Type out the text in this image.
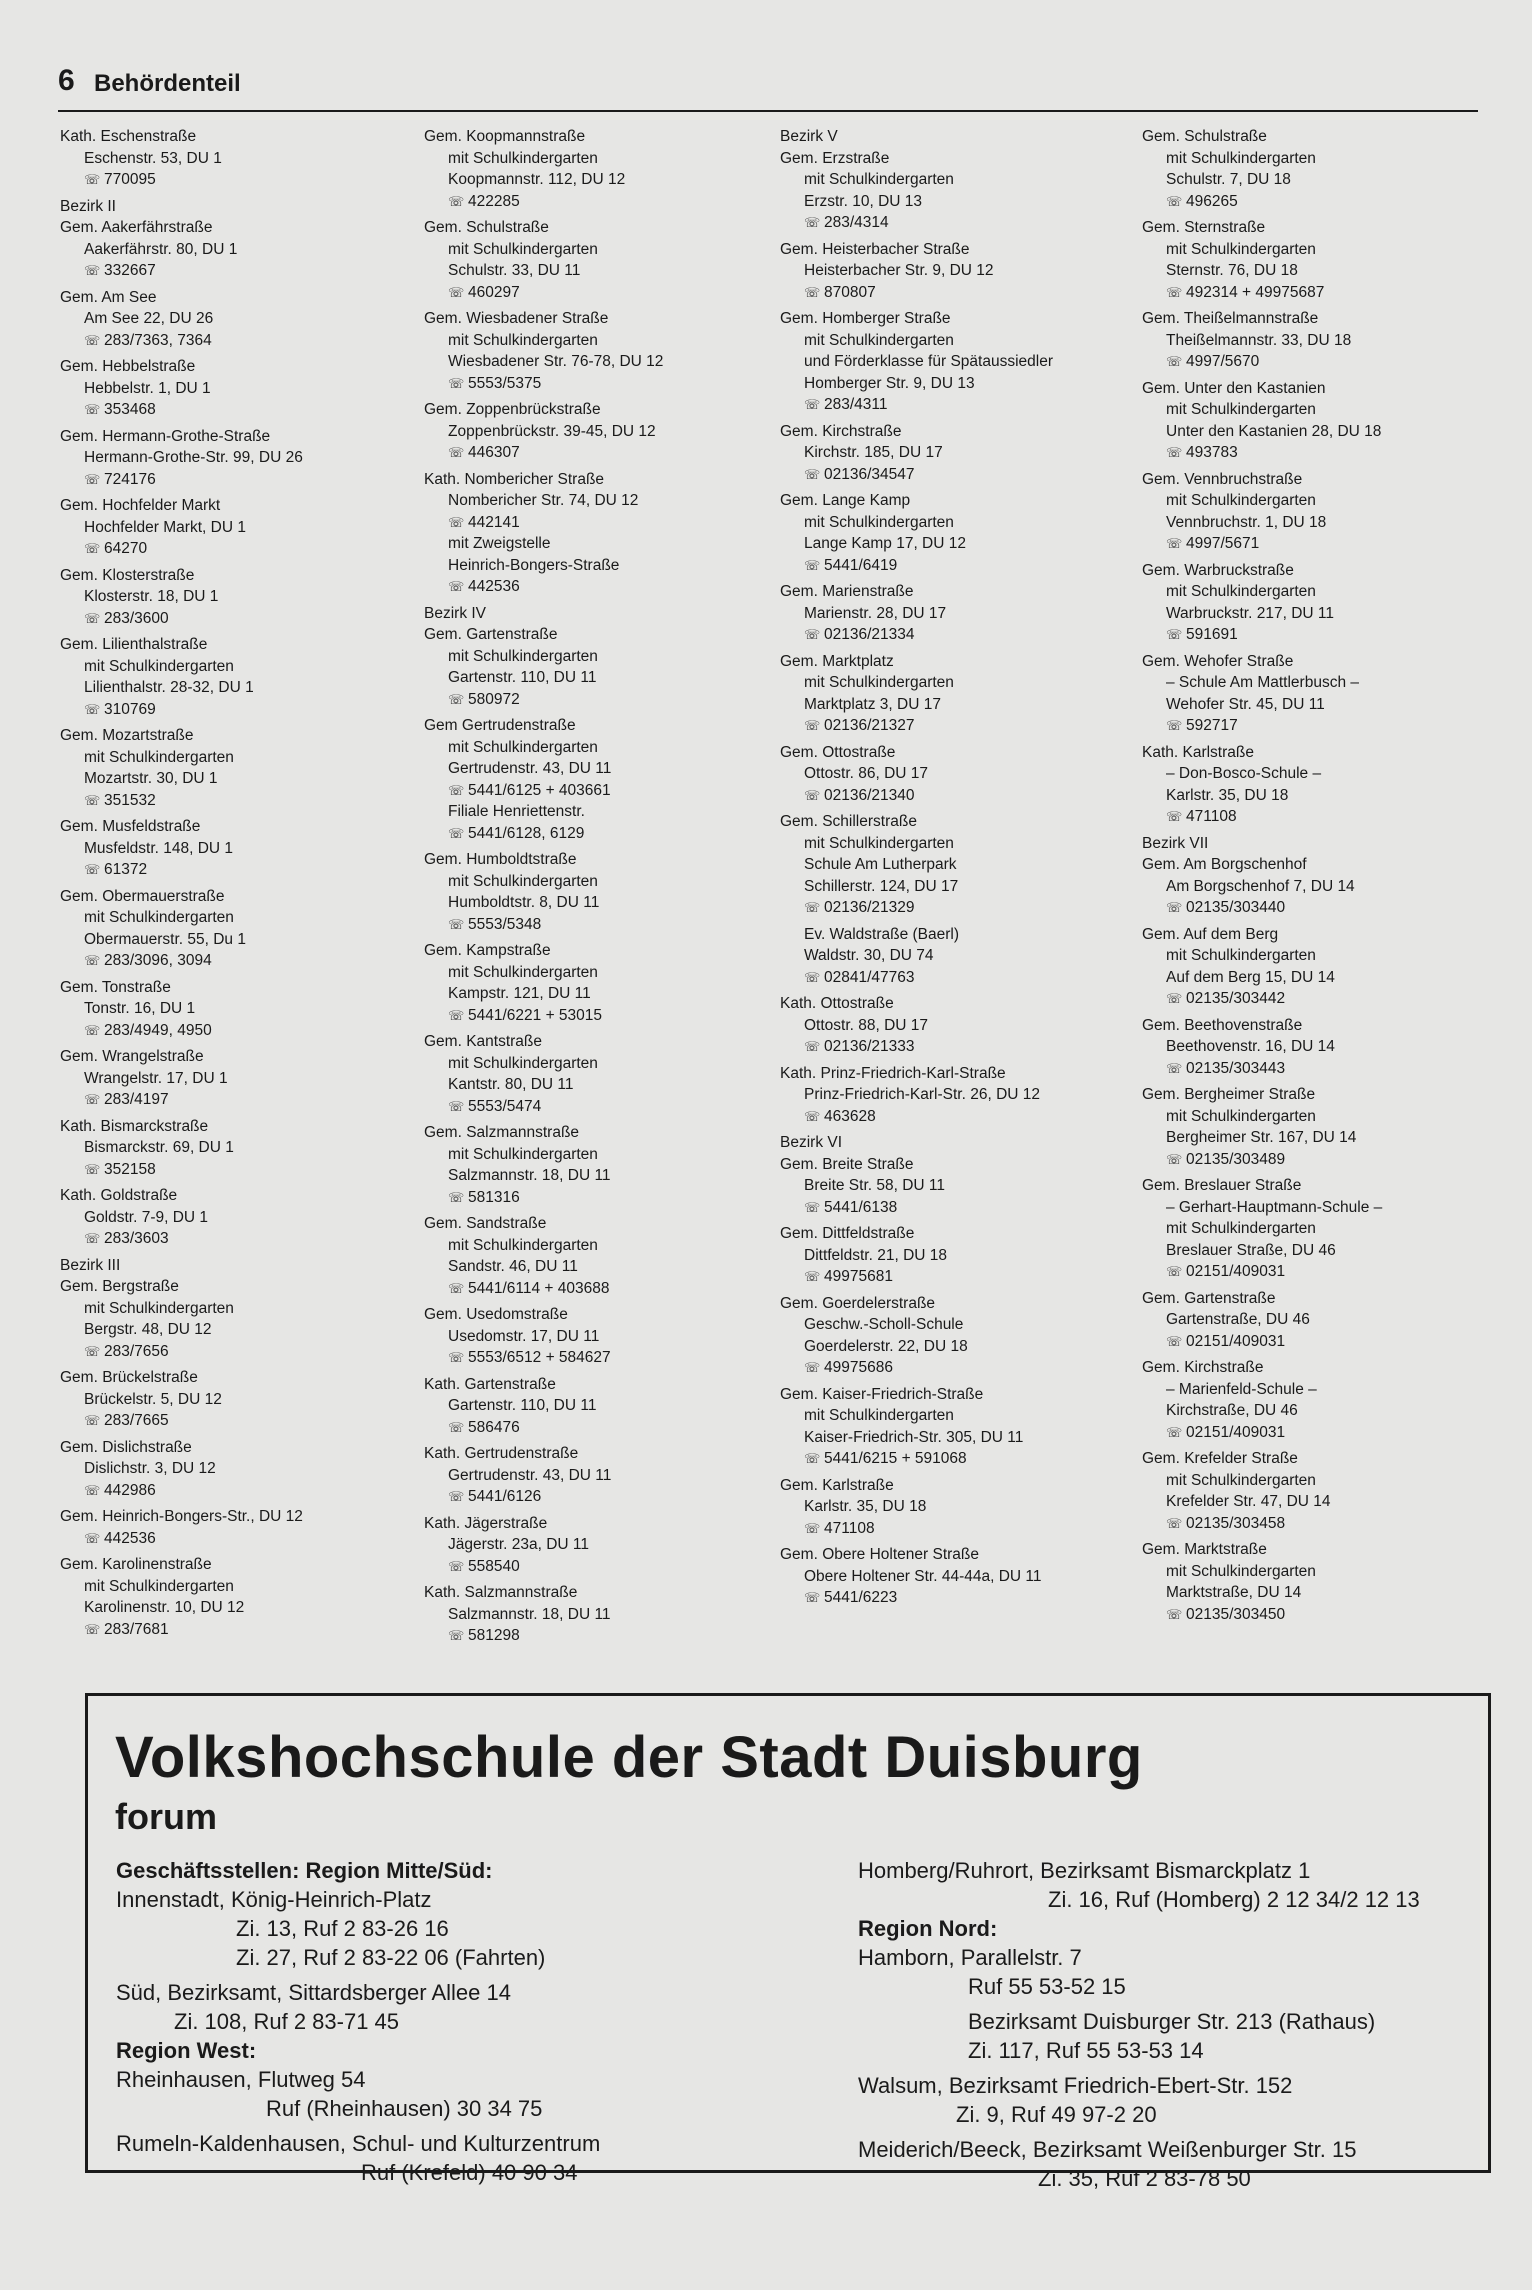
6 Behördenteil

Kath. Eschenstraße

Eschenstr. 53, DU 1

☏ 770095

Bezirk II

Gem. Aakerfährstraße

Aakerfährstr. 80, DU 1

☏ 332667

Gem. Am See

Am See 22, DU 26

☏ 283/7363, 7364

Gem. Hebbelstraße

Hebbelstr. 1, DU 1

☏ 353468

Gem. Hermann-Grothe-Straße

Hermann-Grothe-Str. 99, DU 26

☏ 724176

Gem. Hochfelder Markt

Hochfelder Markt, DU 1

☏ 64270

Gem. Klosterstraße

Klosterstr. 18, DU 1

☏ 283/3600

Gem. Lilienthalstraße

mit Schulkindergarten

Lilienthalstr. 28-32, DU 1

☏ 310769

Gem. Mozartstraße

mit Schulkindergarten

Mozartstr. 30, DU 1

☏ 351532

Gem. Musfeldstraße

Musfeldstr. 148, DU 1

☏ 61372

Gem. Obermauerstraße

mit Schulkindergarten

Obermauerstr. 55, Du 1

☏ 283/3096, 3094

Gem. Tonstraße

Tonstr. 16, DU 1

☏ 283/4949, 4950

Gem. Wrangelstraße

Wrangelstr. 17, DU 1

☏ 283/4197

Kath. Bismarckstraße

Bismarckstr. 69, DU 1

☏ 352158

Kath. Goldstraße

Goldstr. 7-9, DU 1

☏ 283/3603

Bezirk III

Gem. Bergstraße

mit Schulkindergarten

Bergstr. 48, DU 12

☏ 283/7656

Gem. Brückelstraße

Brückelstr. 5, DU 12

☏ 283/7665

Gem. Dislichstraße

Dislichstr. 3, DU 12

☏ 442986

Gem. Heinrich-Bongers-Str., DU 12

☏ 442536

Gem. Karolinenstraße

mit Schulkindergarten

Karolinenstr. 10, DU 12

☏ 283/7681

Gem. Koopmannstraße

mit Schulkindergarten

Koopmannstr. 112, DU 12

☏ 422285

Gem. Schulstraße

mit Schulkindergarten

Schulstr. 33, DU 11

☏ 460297

Gem. Wiesbadener Straße

mit Schulkindergarten

Wiesbadener Str. 76-78, DU 12

☏ 5553/5375

Gem. Zoppenbrückstraße

Zoppenbrückstr. 39-45, DU 12

☏ 446307

Kath. Nombericher Straße

Nombericher Str. 74, DU 12

☏ 442141

mit Zweigstelle

Heinrich-Bongers-Straße

☏ 442536

Bezirk IV

Gem. Gartenstraße

mit Schulkindergarten

Gartenstr. 110, DU 11

☏ 580972

Gem Gertrudenstraße

mit Schulkindergarten

Gertrudenstr. 43, DU 11

☏ 5441/6125 + 403661

Filiale Henriettenstr.

☏ 5441/6128, 6129

Gem. Humboldtstraße

mit Schulkindergarten

Humboldtstr. 8, DU 11

☏ 5553/5348

Gem. Kampstraße

mit Schulkindergarten

Kampstr. 121, DU 11

☏ 5441/6221 + 53015

Gem. Kantstraße

mit Schulkindergarten

Kantstr. 80, DU 11

☏ 5553/5474

Gem. Salzmannstraße

mit Schulkindergarten

Salzmannstr. 18, DU 11

☏ 581316

Gem. Sandstraße

mit Schulkindergarten

Sandstr. 46, DU 11

☏ 5441/6114 + 403688

Gem. Usedomstraße

Usedomstr. 17, DU 11

☏ 5553/6512 + 584627

Kath. Gartenstraße

Gartenstr. 110, DU 11

☏ 586476

Kath. Gertrudenstraße

Gertrudenstr. 43, DU 11

☏ 5441/6126

Kath. Jägerstraße

Jägerstr. 23a, DU 11

☏ 558540

Kath. Salzmannstraße

Salzmannstr. 18, DU 11

☏ 581298

Bezirk V

Gem. Erzstraße

mit Schulkindergarten

Erzstr. 10, DU 13

☏ 283/4314

Gem. Heisterbacher Straße

Heisterbacher Str. 9, DU 12

☏ 870807

Gem. Homberger Straße

mit Schulkindergarten

und Förderklasse für Spätaussiedler

Homberger Str. 9, DU 13

☏ 283/4311

Gem. Kirchstraße

Kirchstr. 185, DU 17

☏ 02136/34547

Gem. Lange Kamp

mit Schulkindergarten

Lange Kamp 17, DU 12

☏ 5441/6419

Gem. Marienstraße

Marienstr. 28, DU 17

☏ 02136/21334

Gem. Marktplatz

mit Schulkindergarten

Marktplatz 3, DU 17

☏ 02136/21327

Gem. Ottostraße

Ottostr. 86, DU 17

☏ 02136/21340

Gem. Schillerstraße

mit Schulkindergarten

Schule Am Lutherpark

Schillerstr. 124, DU 17

☏ 02136/21329

Ev. Waldstraße (Baerl)

Waldstr. 30, DU 74

☏ 02841/47763

Kath. Ottostraße

Ottostr. 88, DU 17

☏ 02136/21333

Kath. Prinz-Friedrich-Karl-Straße

Prinz-Friedrich-Karl-Str. 26, DU 12

☏ 463628

Bezirk VI

Gem. Breite Straße

Breite Str. 58, DU 11

☏ 5441/6138

Gem. Dittfeldstraße

Dittfeldstr. 21, DU 18

☏ 49975681

Gem. Goerdelerstraße

Geschw.-Scholl-Schule

Goerdelerstr. 22, DU 18

☏ 49975686

Gem. Kaiser-Friedrich-Straße

mit Schulkindergarten

Kaiser-Friedrich-Str. 305, DU 11

☏ 5441/6215 + 591068

Gem. Karlstraße

Karlstr. 35, DU 18

☏ 471108

Gem. Obere Holtener Straße

Obere Holtener Str. 44-44a, DU 11

☏ 5441/6223

Gem. Schulstraße

mit Schulkindergarten

Schulstr. 7, DU 18

☏ 496265

Gem. Sternstraße

mit Schulkindergarten

Sternstr. 76, DU 18

☏ 492314 + 49975687

Gem. Theißelmannstraße

Theißelmannstr. 33, DU 18

☏ 4997/5670

Gem. Unter den Kastanien

mit Schulkindergarten

Unter den Kastanien 28, DU 18

☏ 493783

Gem. Vennbruchstraße

mit Schulkindergarten

Vennbruchstr. 1, DU 18

☏ 4997/5671

Gem. Warbruckstraße

mit Schulkindergarten

Warbruckstr. 217, DU 11

☏ 591691

Gem. Wehofer Straße

– Schule Am Mattlerbusch –

Wehofer Str. 45, DU 11

☏ 592717

Kath. Karlstraße

– Don-Bosco-Schule –

Karlstr. 35, DU 18

☏ 471108

Bezirk VII

Gem. Am Borgschenhof

Am Borgschenhof 7, DU 14

☏ 02135/303440

Gem. Auf dem Berg

mit Schulkindergarten

Auf dem Berg 15, DU 14

☏ 02135/303442

Gem. Beethovenstraße

Beethovenstr. 16, DU 14

☏ 02135/303443

Gem. Bergheimer Straße

mit Schulkindergarten

Bergheimer Str. 167, DU 14

☏ 02135/303489

Gem. Breslauer Straße

– Gerhart-Hauptmann-Schule –

mit Schulkindergarten

Breslauer Straße, DU 46

☏ 02151/409031

Gem. Gartenstraße

Gartenstraße, DU 46

☏ 02151/409031

Gem. Kirchstraße

– Marienfeld-Schule –

Kirchstraße, DU 46

☏ 02151/409031

Gem. Krefelder Straße

mit Schulkindergarten

Krefelder Str. 47, DU 14

☏ 02135/303458

Gem. Marktstraße

mit Schulkindergarten

Marktstraße, DU 14

☏ 02135/303450

Volkshochschule der Stadt Duisburg
forum

Geschäftsstellen: Region Mitte/Süd:

Innenstadt, König-Heinrich-Platz

Zi. 13, Ruf 2 83-26 16

Zi. 27, Ruf 2 83-22 06 (Fahrten)

Süd, Bezirksamt, Sittardsberger Allee 14

Zi. 108, Ruf 2 83-71 45

Region West:

Rheinhausen, Flutweg 54

Ruf (Rheinhausen) 30 34 75

Rumeln-Kaldenhausen, Schul- und Kulturzentrum

Ruf (Krefeld) 40 90 34

Homberg/Ruhrort, Bezirksamt Bismarckplatz 1

Zi. 16, Ruf (Homberg) 2 12 34/2 12 13

Region Nord:

Hamborn, Parallelstr. 7

Ruf 55 53-52 15

Bezirksamt Duisburger Str. 213 (Rathaus)

Zi. 117, Ruf 55 53-53 14

Walsum, Bezirksamt Friedrich-Ebert-Str. 152

Zi. 9, Ruf 49 97-2 20

Meiderich/Beeck, Bezirksamt Weißenburger Str. 15

Zi. 35, Ruf 2 83-78 50
